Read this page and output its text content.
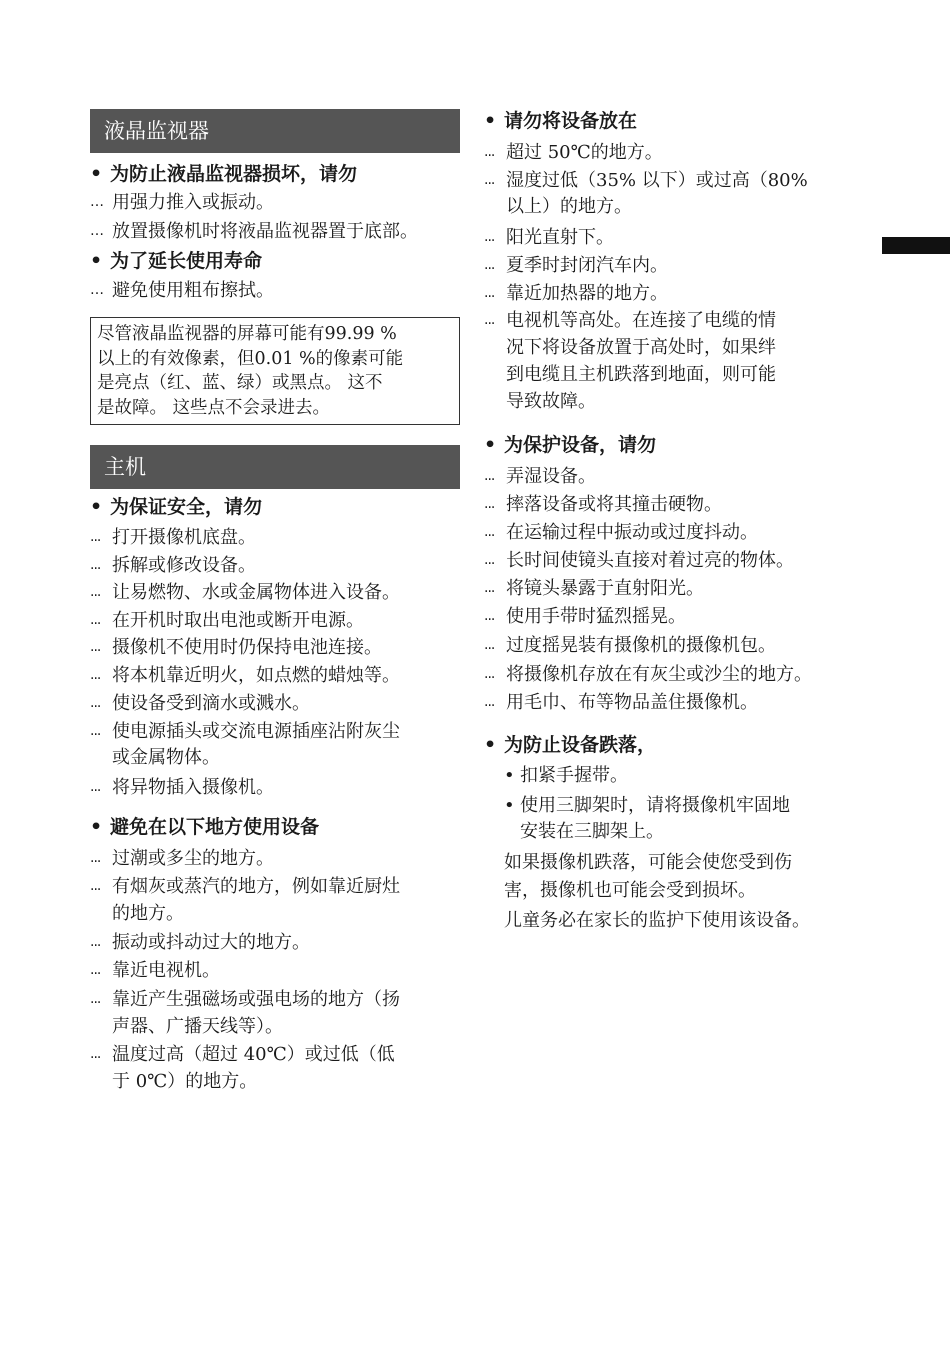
液晶监视器
• 为防止液晶监视器损坏，请勿
… 用强力推入或振动。
… 放置摄像机时将液晶监视器置于底部。
• 为了延长使用寿命
… 避免使用粗布擦拭。
尽管液晶监视器的屏幕可能有99.99 %
以上的有效像素，但0.01 %的像素可能
是亮点（红、蓝、绿）或黑点。 这不
是故障。 这些点不会录进去。
主机
• 为保证安全，请勿
... 打开摄像机底盘。
... 拆解或修改设备。
... 让易燃物、水或金属物体进入设备。
... 在开机时取出电池或断开电源。
... 摄像机不使用时仍保持电池连接。
... 将本机靠近明火，如点燃的蜡烛等。
... 使设备受到滴水或溅水。
... 使电源插头或交流电源插座沾附灰尘
或金属物体。
... 将异物插入摄像机。
• 避免在以下地方使用设备
... 过潮或多尘的地方。
... 有烟灰或蒸汽的地方，例如靠近厨灶
的地方。
... 振动或抖动过大的地方。
... 靠近电视机。
... 靠近产生强磁场或强电场的地方（扬
声器、广播天线等）。
... 温度过高（超过 40℃）或过低（低
于 0℃）的地方。
• 请勿将设备放在
... 超过 50℃的地方。
... 湿度过低（35% 以下）或过高（80%
以上）的地方。
... 阳光直射下。
... 夏季时封闭汽车内。
... 靠近加热器的地方。
... 电视机等高处。在连接了电缆的情
况下将设备放置于高处时，如果绊
到电缆且主机跌落到地面，则可能
导致故障。
• 为保护设备，请勿
... 弄湿设备。
... 摔落设备或将其撞击硬物。
... 在运输过程中振动或过度抖动。
... 长时间使镜头直接对着过亮的物体。
... 将镜头暴露于直射阳光。
... 使用手带时猛烈摇晃。
... 过度摇晃装有摄像机的摄像机包。
... 将摄像机存放在有灰尘或沙尘的地方。
... 用毛巾、布等物品盖住摄像机。
• 为防止设备跌落，
• 扣紧手握带。
• 使用三脚架时，请将摄像机牢固地
安装在三脚架上。
如果摄像机跌落，可能会使您受到伤
害，摄像机也可能会受到损坏。
儿童务必在家长的监护下使用该设备。
